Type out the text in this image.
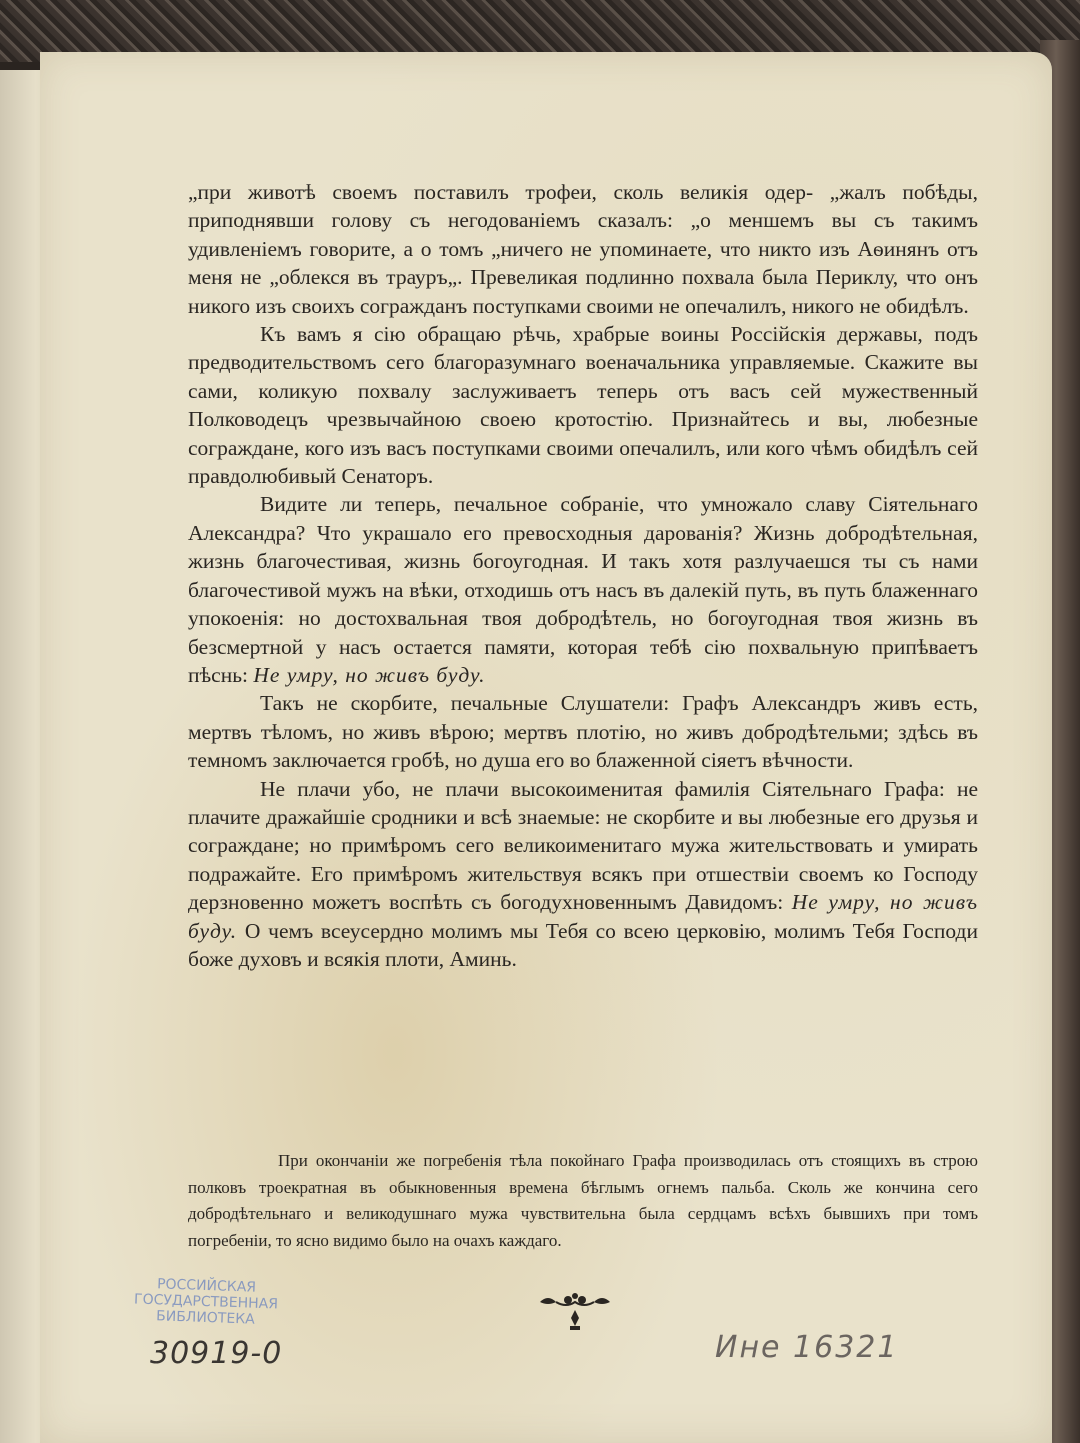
„при животѣ своемъ поставилъ трофеи, сколь великія одер- „жалъ побѣды, приподнявши голову съ негодованіемъ сказалъ: „о меншемъ вы съ такимъ удивленіемъ говорите, а о томъ „ничего не упоминаете, что никто изъ Аѳинянъ отъ меня не „облекся въ трауръ„. Превеликая подлинно похвала была Периклу, что онъ никого изъ своихъ согражданъ поступками своими не опечалилъ, никого не обидѣлъ.

Къ вамъ я сію обращаю рѣчь, храбрые воины Россійскія державы, подъ предводительствомъ сего благоразумнаго военачальника управляемые. Скажите вы сами, коликую похвалу заслуживаетъ теперь отъ васъ сей мужественный Полководецъ чрезвычайною своею кротостію. Признайтесь и вы, любезные сограждане, кого изъ васъ поступками своими опечалилъ, или кого чѣмъ обидѣлъ сей правдолюбивый Сенаторъ.

Видите ли теперь, печальное собраніе, что умножало славу Сіятельнаго Александра? Что украшало его превосходныя дарованія? Жизнь добродѣтельная, жизнь благочестивая, жизнь богоугодная. И такъ хотя разлучаешся ты съ нами благочестивой мужъ на вѣки, отходишь отъ насъ въ далекій путь, въ путь блаженнаго упокоенія: но достохвальная твоя добродѣтель, но богоугодная твоя жизнь въ безсмертной у насъ остается памяти, которая тебѣ сію похвальную припѣваетъ пѣснь: Не умру, но живъ буду.

Такъ не скорбите, печальные Слушатели: Графъ Александръ живъ есть, мертвъ тѣломъ, но живъ вѣрою; мертвъ плотію, но живъ добродѣтельми; здѣсь въ темномъ заключается гробѣ, но душа его во блаженной сіяетъ вѣчности.

Не плачи убо, не плачи высокоименитая фамилія Сіятельнаго Графа: не плачите дражайшіе сродники и всѣ знаемые: не скорбите и вы любезные его друзья и сограждане; но примѣромъ сего великоименитаго мужа жительствовать и умирать подражайте. Его примѣромъ жительствуя всякъ при отшествіи своемъ ко Господу дерзновенно можетъ воспѣть съ богодухновеннымъ Давидомъ: Не умру, но живъ буду. О чемъ всеусердно молимъ мы Тебя со всею церковію, молимъ Тебя Господи боже духовъ и всякія плоти, Аминь.

При окончаніи же погребенія тѣла покойнаго Графа производилась отъ стоящихъ въ строю полковъ троекратная въ обыкновенныя времена бѣглымъ огнемъ пальба. Сколь же кончина сего добродѣтельнаго и великодушнаго мужа чувствительна была сердцамъ всѣхъ бывшихъ при томъ погребеніи, то ясно видимо было на очахъ каждаго.

РОССИЙСКАЯ
ГОСУДАРСТВЕННАЯ
БИБЛИОТЕКА
30919-0	Ине 16321
